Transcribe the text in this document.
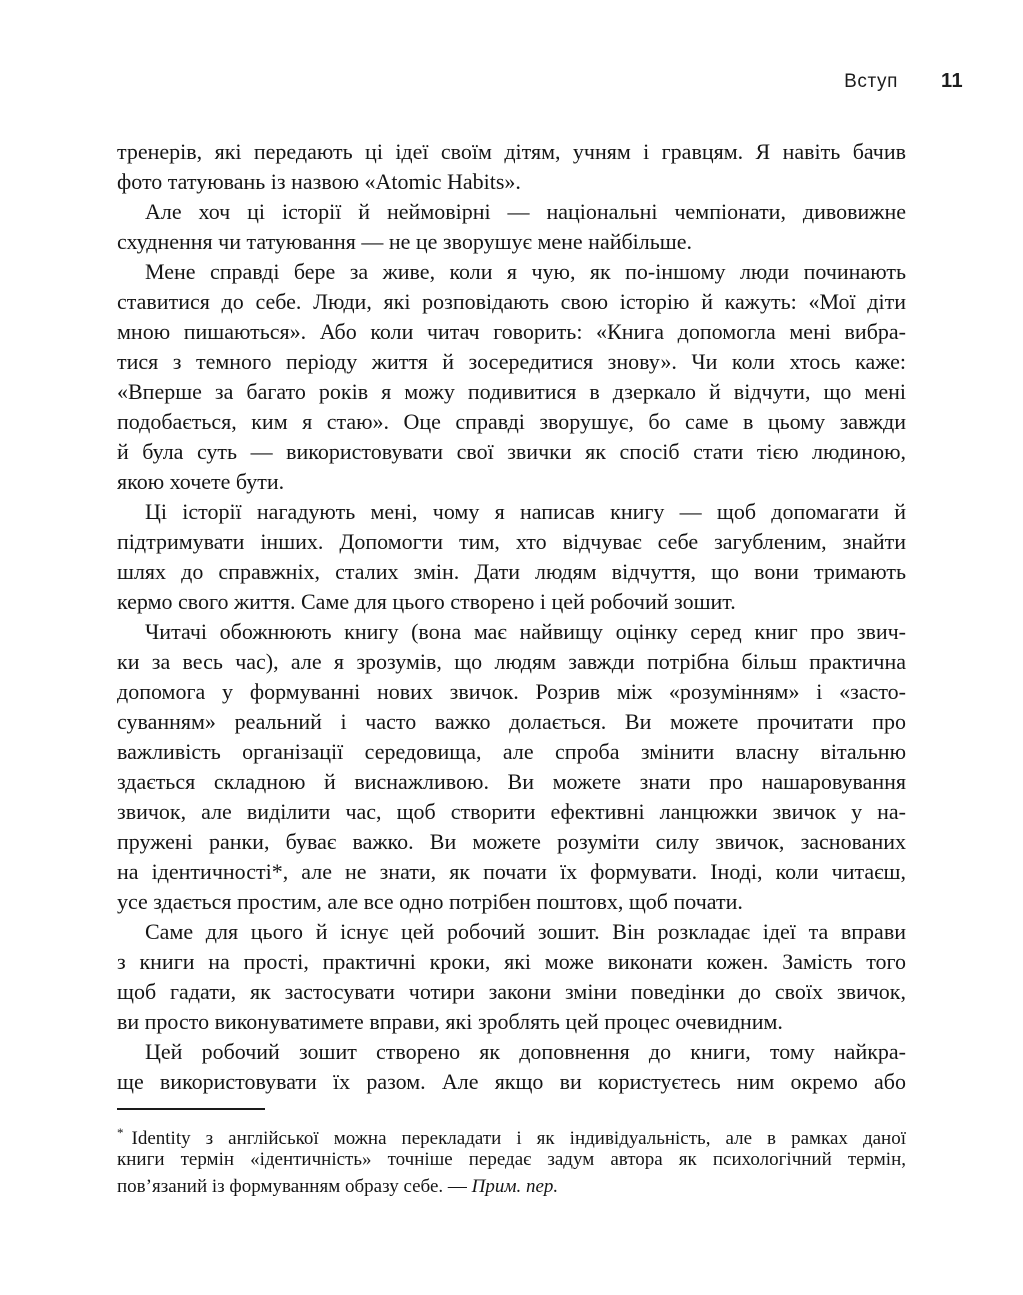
Вступ 11
тренерів, які передають ці ідеї своїм дітям, учням і гравцям. Я навіть бачив
фото татуювань із назвою «Atomic Habits».
Але хоч ці історії й неймовірні — національні чемпіонати, дивовижне
схуднення чи татуювання — не це зворушує мене найбільше.
Мене справді бере за живе, коли я чую, як по-іншому люди починають
ставитися до себе. Люди, які розповідають свою історію й кажуть: «Мої діти
мною пишаються». Або коли читач говорить: «Книга допомогла мені вибра-
тися з темного періоду життя й зосередитися знову». Чи коли хтось каже:
«Вперше за багато років я можу подивитися в дзеркало й відчути, що мені
подобається, ким я стаю». Оце справді зворушує, бо саме в цьому завжди
й була суть — використовувати свої звички як спосіб стати тією людиною,
якою хочете бути.
Ці історії нагадують мені, чому я написав книгу — щоб допомагати й
підтримувати інших. Допомогти тим, хто відчуває себе загубленим, знайти
шлях до справжніх, сталих змін. Дати людям відчуття, що вони тримають
кермо свого життя. Саме для цього створено і цей робочий зошит.
Читачі обожнюють книгу (вона має найвищу оцінку серед книг про звич-
ки за весь час), але я зрозумів, що людям завжди потрібна більш практична
допомога у формуванні нових звичок. Розрив між «розумінням» і «засто-
суванням» реальний і часто важко долається. Ви можете прочитати про
важливість організації середовища, але спроба змінити власну вітальню
здається складною й виснажливою. Ви можете знати про нашаровування
звичок, але виділити час, щоб створити ефективні ланцюжки звичок у на-
пружені ранки, буває важко. Ви можете розуміти силу звичок, заснованих
на ідентичності*, але не знати, як почати їх формувати. Іноді, коли читаєш,
усе здається простим, але все одно потрібен поштовх, щоб почати.
Саме для цього й існує цей робочий зошит. Він розкладає ідеї та вправи
з книги на прості, практичні кроки, які може виконати кожен. Замість того
щоб гадати, як застосувати чотири закони зміни поведінки до своїх звичок,
ви просто виконуватимете вправи, які зроблять цей процес очевидним.
Цей робочий зошит створено як доповнення до книги, тому найкра-
ще використовувати їх разом. Але якщо ви користуєтесь ним окремо або
* Identity з англійської можна перекладати і як індивідуальність, але в рамках даної
книги термін «ідентичність» точніше передає задум автора як психологічний термін,
пов’язаний із формуванням образу себе. — Прим. пер.
